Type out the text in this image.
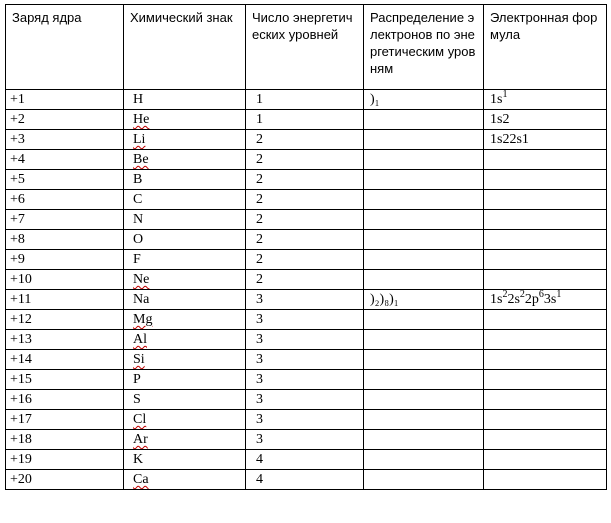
Заряд ядра	Химический знак	Число энергетических уровней	Распределение электронов по энергетическим уровням	Электронная формула
+1	H	1	)₁	$1s^1$
+2	He	1		1s2
+3	Li	2		1s22s1
+4	Be	2		
+5	B	2		
+6	C	2		
+7	N	2		
+8	O	2		
+9	F	2		
+10	Ne	2		
+11	Na	3	)₂)₈)₁	$1s^22s^22p^63s^1$
+12	Mg	3		
+13	Al	3		
+14	Si	3		
+15	P	3		
+16	S	3		
+17	Cl	3		
+18	Ar	3		
+19	K	4		
+20	Ca	4		
